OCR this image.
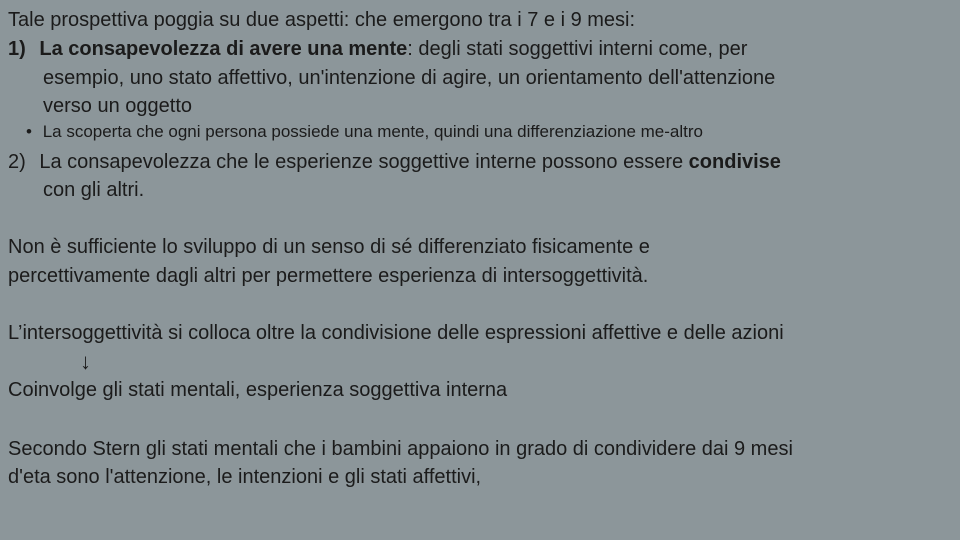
Tale prospettiva poggia su due aspetti: che emergono tra i 7 e i 9 mesi:
1) La consapevolezza di avere una mente: degli stati soggettivi interni come, per
esempio, uno stato affettivo, un'intenzione di agire, un orientamento dell'attenzione
verso un oggetto
• La scoperta che ogni persona possiede una mente, quindi una differenziazione me-altro
2) La consapevolezza che le esperienze soggettive interne possono essere condivise
con gli altri.
Non è sufficiente lo sviluppo di un senso di sé differenziato fisicamente e
percettivamente dagli altri per permettere esperienza di intersoggettività.
L’intersoggettività si colloca oltre la condivisione delle espressioni affettive e delle azioni
↓
Coinvolge gli stati mentali, esperienza soggettiva interna
Secondo Stern gli stati mentali che i bambini appaiono in grado di condividere dai 9 mesi
d'eta sono l'attenzione, le intenzioni e gli stati affettivi,
